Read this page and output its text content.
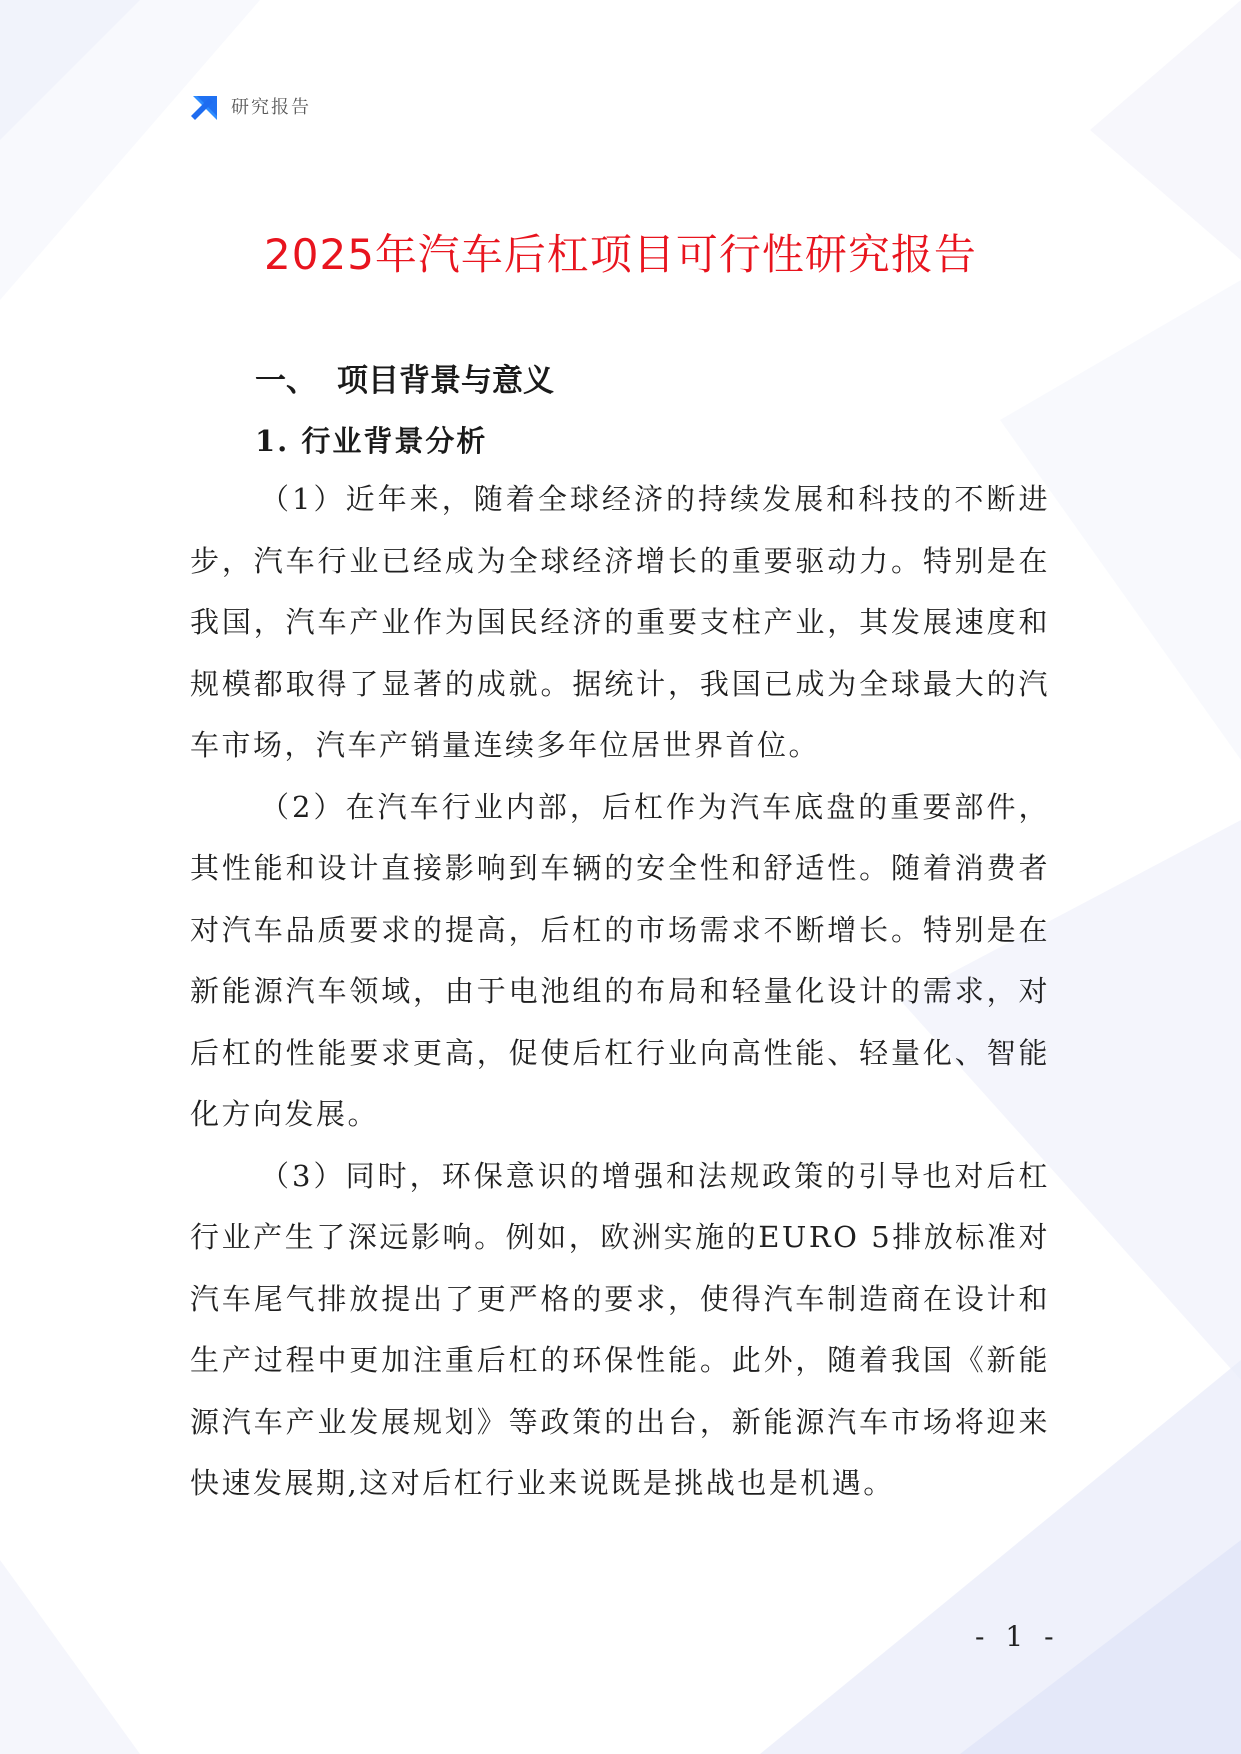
研究报告
2025年汽车后杠项目可行性研究报告
一、 项目背景与意义
1. 行业背景分析

（1）近年来，随着全球经济的持续发展和科技的不断进步，汽车行业已经成为全球经济增长的重要驱动力。特别是在我国，汽车产业作为国民经济的重要支柱产业，其发展速度和规模都取得了显著的成就。据统计，我国已成为全球最大的汽车市场，汽车产销量连续多年位居世界首位。

（2）在汽车行业内部，后杠作为汽车底盘的重要部件，其性能和设计直接影响到车辆的安全性和舒适性。随着消费者对汽车品质要求的提高，后杠的市场需求不断增长。特别是在新能源汽车领域，由于电池组的布局和轻量化设计的需求，对后杠的性能要求更高，促使后杠行业向高性能、轻量化、智能化方向发展。

（3）同时，环保意识的增强和法规政策的引导也对后杠行业产生了深远影响。例如，欧洲实施的EURO 5排放标准对汽车尾气排放提出了更严格的要求，使得汽车制造商在设计和生产过程中更加注重后杠的环保性能。此外，随着我国《新能源汽车产业发展规划》等政策的出台，新能源汽车市场将迎来快速发展期,这对后杠行业来说既是挑战也是机遇。

- 1 -
